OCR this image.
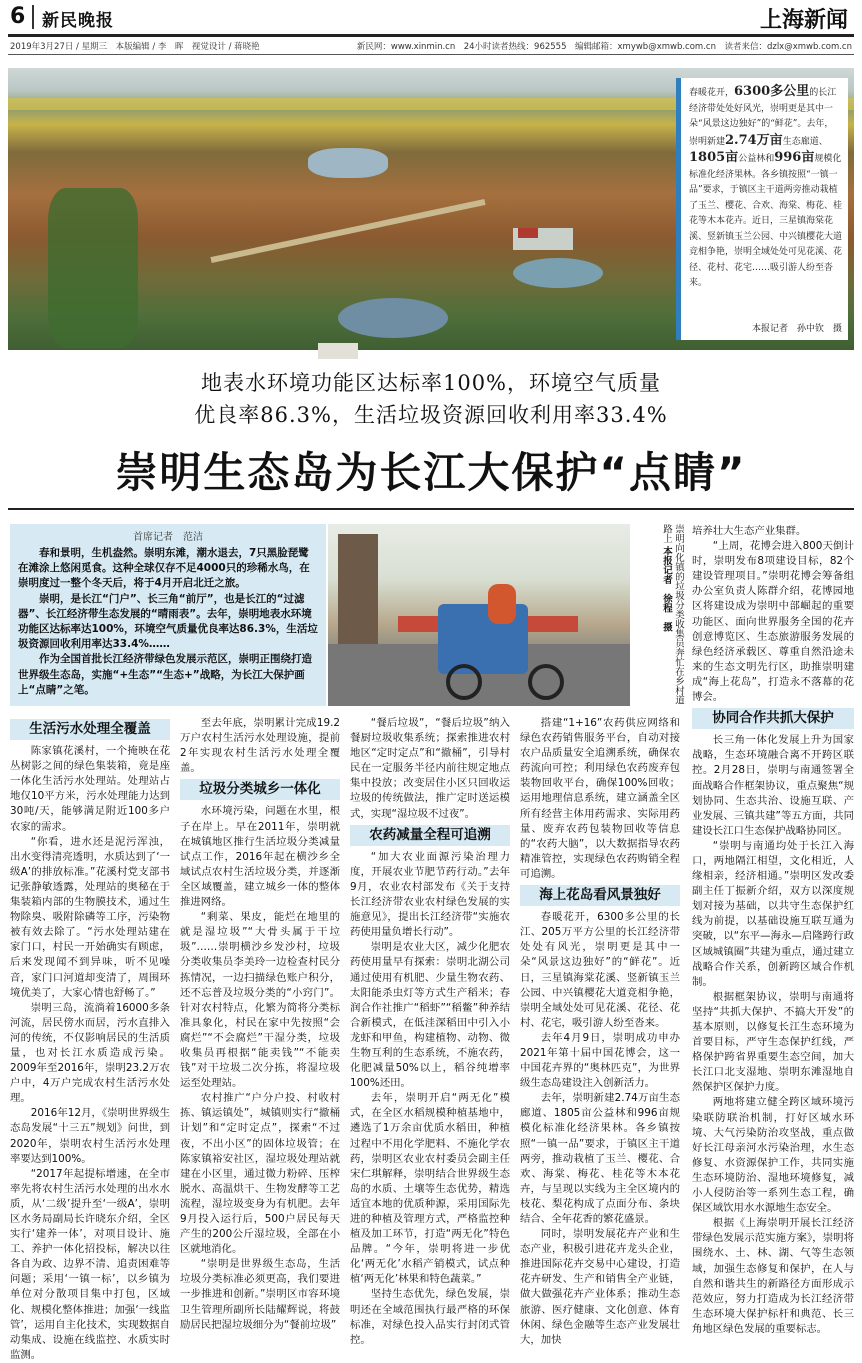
6 新民晚报	上海新闻
2019年3月27日 / 星期三　本版编辑 / 李　晖　视觉设计 / 蒋晓艳	新民网：www.xinmin.cn　24小时读者热线：962555　编辑邮箱：xmywb@xmwb.com.cn　读者来信：dzlx@xmwb.com.cn

春暖花开，6300多公里的长江经济带处处好风光，崇明更是其中一朵“风景这边独好”的“鲜花”。去年，崇明新建2.74万亩生态廊道、1805亩公益林和996亩规模化标准化经济果林。各乡镇按照“一镇一品”要求，于镇区主干道两旁推动栽植了玉兰、樱花、合欢、海棠、梅花、桂花等木本花卉。近日，三星镇海棠花溪、竖新镇玉兰公园、中兴镇樱花大道竞相争艳，崇明全域处处可见花溪、花径、花村、花宅……吸引游人纷至沓来。

本报记者　孙中钦　摄
地表水环境功能区达标率100%，环境空气质量
优良率86.3%，生活垃圾资源回收利用率33.4%
崇明生态岛为长江大保护“点睛”
首席记者　范洁

春和景明，生机盎然。崇明东滩，潮水退去，7只黑脸琵鹭在滩涂上悠闲觅食。这种全球仅存不足4000只的珍稀水鸟，在崇明度过一整个冬天后，将于4月开启北迁之旅。

崇明，是长江“门户”、长三角“前厅”，也是长江的“过滤器”、长江经济带生态发展的“晴雨表”。去年，崇明地表水环境功能区达标率达100%，环境空气质量优良率达86.3%，生活垃圾资源回收利用率达33.4%……

作为全国首批长江经济带绿色发展示范区，崇明正围绕打造世界级生态岛，实施“+生态”“生态+”战略，为长江大保护画上“点睛”之笔。	崇明向化镇的垃圾分类收集员奔忙在乡村道路上 本报记者　徐程　摄
生活污水处理全覆盖

陈家镇花溪村，一个掩映在花丛树影之间的绿色集装箱，竟是座一体化生活污水处理站。处理站占地仅10平方米，污水处理能力达到30吨/天，能够满足附近100多户农家的需求。

“你看，进水还是泥污浑浊，出水变得清亮透明，水质达到了‘一级A’的排放标准。”花溪村党支部书记张静敏透露，处理站的奥秘在于集装箱内部的生物膜技术，通过生物除臭、吸附除磷等工序，污染物被有效去除了。“污水处理站建在家门口，村民一开始确实有顾虑，后来发现闻不到异味，听不见噪音，家门口河道却变清了，周围环境优美了，大家心情也舒畅了。”

崇明三岛，流淌着16000多条河流，居民傍水而居，污水直排入河的传统，不仅影响居民的生活质量，也对长江水质造成污染。2009年至2016年，崇明23.2万农户中，4万户完成农村生活污水处理。

2016年12月，《崇明世界级生态岛发展“十三五”规划》问世，到2020年，崇明农村生活污水处理率要达到100%。

“2017年起提标增速，在全市率先将农村生活污水处理的出水水质，从‘二级’提升至‘一级A’，崇明区水务局副局长许晓东介绍，全区实行‘建养一体’，对项目设计、施工、养护一体化招投标，解决以往各自为政、边界不清、追责困难等问题；采用‘一镇一标’，以乡镇为单位对分散项目集中打包，区域化、规模化整体推进；加强‘一线监管’，运用自主化技术，实现数据自动集成、设施在线监控、水质实时监测。

至去年底，崇明累计完成19.2万户农村生活污水处理设施，提前2年实现农村生活污水处理全覆盖。

垃圾分类城乡一体化

水环境污染，问题在水里，根子在岸上。早在2011年，崇明就在城镇地区推行生活垃圾分类减量试点工作，2016年起在横沙乡全域试点农村生活垃圾分类，并逐渐全区域覆盖，建立城乡一体的整体推进网络。

“剩菜、果皮，能烂在地里的就是湿垃圾”“大骨头属于干垃圾”……崇明横沙乡发沙村，垃圾分类收集员李美玲一边检查村民分拣情况，一边扫描绿色账户积分，还不忘普及垃圾分类的“小窍门”。针对农村特点，化繁为简将分类标准具象化，村民在家中先按照“会腐烂”“不会腐烂”干湿分类，垃圾收集员再根据“能卖钱”“不能卖钱”对干垃圾二次分拣，将湿垃圾运至处理站。

农村推广“户分户投、村收村拣、镇运镇处”，城镇则实行“撤桶计划”和“定时定点”，探索“不过夜，不出小区”的固体垃圾管；在陈家镇裕安社区，湿垃圾处理站就建在小区里，通过微力粉碎、压榨脱水、高温烘干、生物发酵等工艺流程，湿垃圾变身为有机肥。去年9月投入运行后，500户居民每天产生的200公斤湿垃圾，全部在小区就地消化。

“崇明是世界级生态岛，生活垃圾分类标准必须更高，我们要进一步推进和创新。”崇明区市容环境卫生管理所副所长陆耀辉说，将鼓励居民把湿垃圾细分为“餐前垃圾”

“餐后垃圾”，“餐后垃圾”纳入餐厨垃圾收集系统；探索推进农村地区“定时定点”和“撤桶”，引导村民在一定服务半径内前往规定地点集中投放；改变居住小区只回收运垃圾的传统做法，推广定时送运模式，实现“湿垃圾不过夜”。

农药减量全程可追溯

“加大农业面源污染治理力度，开展农业节肥节药行动。”去年9月，农业农村部发布《关于支持长江经济带农业农村绿色发展的实施意见》，提出长江经济带“实施农药使用量负增长行动”。

崇明是农业大区，减少化肥农药使用量早有探索：崇明北湖公司通过使用有机肥、少量生物农药、太阳能杀虫灯等方式生产稻米；春润合作社推广“稻虾”“稻鳖”种养结合新模式，在低洼深稻田中引入小龙虾和甲鱼，构建植物、动物、微生物互利的生态系统，不施农药，化肥减量50%以上，稻谷纯增率100%还田。

去年，崇明开启“两无化”模式，在全区水稻规模种植基地中，遴选了1万余亩优质水稻田，种植过程中不用化学肥料、不施化学农药，崇明区农业农村委员会副主任宋仁琪解释，崇明结合世界级生态岛的水质、土壤等生态优势，精选适宜本地的优质种源，采用国际先进的种植及管理方式，严格监控种植及加工环节，打造“两无化”特色品牌。“今年，崇明将进一步优化‘两无化’水稻产销模式，试点种植‘两无化’林果和特色蔬菜。”

坚持生态优先，绿色发展，崇明还在全域范围执行最严格的环保标准，对绿色投入品实行封闭式管控。

搭建“1+16”农药供应网络和绿色农药销售服务平台，自动对接农户品质量安全追溯系统，确保农药流向可控；利用绿色农药废弃包装物回收平台，确保100%回收；运用地理信息系统，建立涵盖全区所有经营主体用药需求、实际用药量、废弃农药包装物回收等信息的“农药大脑”，以大数据指导农药精准管控，实现绿色农药购销全程可追溯。

海上花岛看风景独好

春暖花开，6300多公里的长江、205万平方公里的长江经济带处处有风光，崇明更是其中一朵“风景这边独好”的“鲜花”。近日，三星镇海棠花溪、竖新镇玉兰公园、中兴镇樱花大道竞相争艳，崇明全域处处可见花溪、花径、花村、花宅，吸引游人纷至沓来。

去年4月9日，崇明成功申办2021年第十届中国花博会，这一中国花卉界的“奥林匹克”，为世界级生态岛建设注入创新活力。

去年，崇明新建2.74万亩生态廊道、1805亩公益林和996亩规模化标准化经济果林。各乡镇按照“一镇一品”要求，于镇区主干道两旁，推动栽植了玉兰、樱花、合欢、海棠、梅花、桂花等木本花卉，与呈现以实线为主全区境内的枝花、梨花构成了点面分布、条块结合、全年花香的繁花盛景。

同时，崇明发展花卉产业和生态产业，积极引进花卉龙头企业，推进国际花卉交易中心建设，打造花卉研发、生产和销售全产业链，做大做强花卉产业体系；推动生态旅游、医疗健康、文化创意、体育休闲、绿色金融等生态产业发展壮大，加快

培养壮大生态产业集群。

“上周，花博会进入800天倒计时，崇明发布8项建设目标，82个建设管理项目。”崇明花博会筹备组办公室负责人陈群介绍，花博园地区将建设成为崇明中部崛起的重要功能区、面向世界服务全国的花卉创意博览区、生态旅游服务发展的绿色经济承载区、尊重自然沿途未来的生态文明先行区，助推崇明建成“海上花岛”，打造永不落幕的花博会。

协同合作共抓大保护

长三角一体化发展上升为国家战略，生态环境融合离不开跨区联控。2月28日，崇明与南通签署全面战略合作框架协议，重点聚焦“规划协同、生态共治、设施互联、产业发展、三镇共建”等五方面，共同建设长江口生态保护战略协同区。

“崇明与南通均处于长江入海口，两地隔江相望，文化相近，人缘相亲，经济相通。”崇明区发改委副主任丁振新介绍，双方以深度规划对接为基础，以共守生态保护红线为前提，以基础设施互联互通为突破，以“东平—海永—启隆跨行政区域城镇圈”共建为重点，通过建立战略合作关系，创新跨区域合作机制。

根据框架协议，崇明与南通将坚持“共抓大保护、不搞大开发”的基本原则，以修复长江生态环境为首要目标，严守生态保护红线，严格保护跨省界重要生态空间，加大长江口北支湿地、崇明东滩湿地自然保护区保护力度。

两地将建立健全跨区域环境污染联防联治机制，打好区域水环境、大气污染防治攻坚战，重点做好长江母亲河水污染治理，水生态修复、水资源保护工作，共同实施生态环境防治、湿地环境修复，减小人侵防治等一系列生态工程，确保区域饮用水水源地生态安全。

根据《上海崇明开展长江经济带绿色发展示范实施方案》，崇明将围绕水、土、林、湖、气等生态领域，加强生态修复和保护，在人与自然和谐共生的新路径方面形成示范效应，努力打造成为长江经济带生态环境大保护标杆和典范、长三角地区绿色发展的重要标志。
